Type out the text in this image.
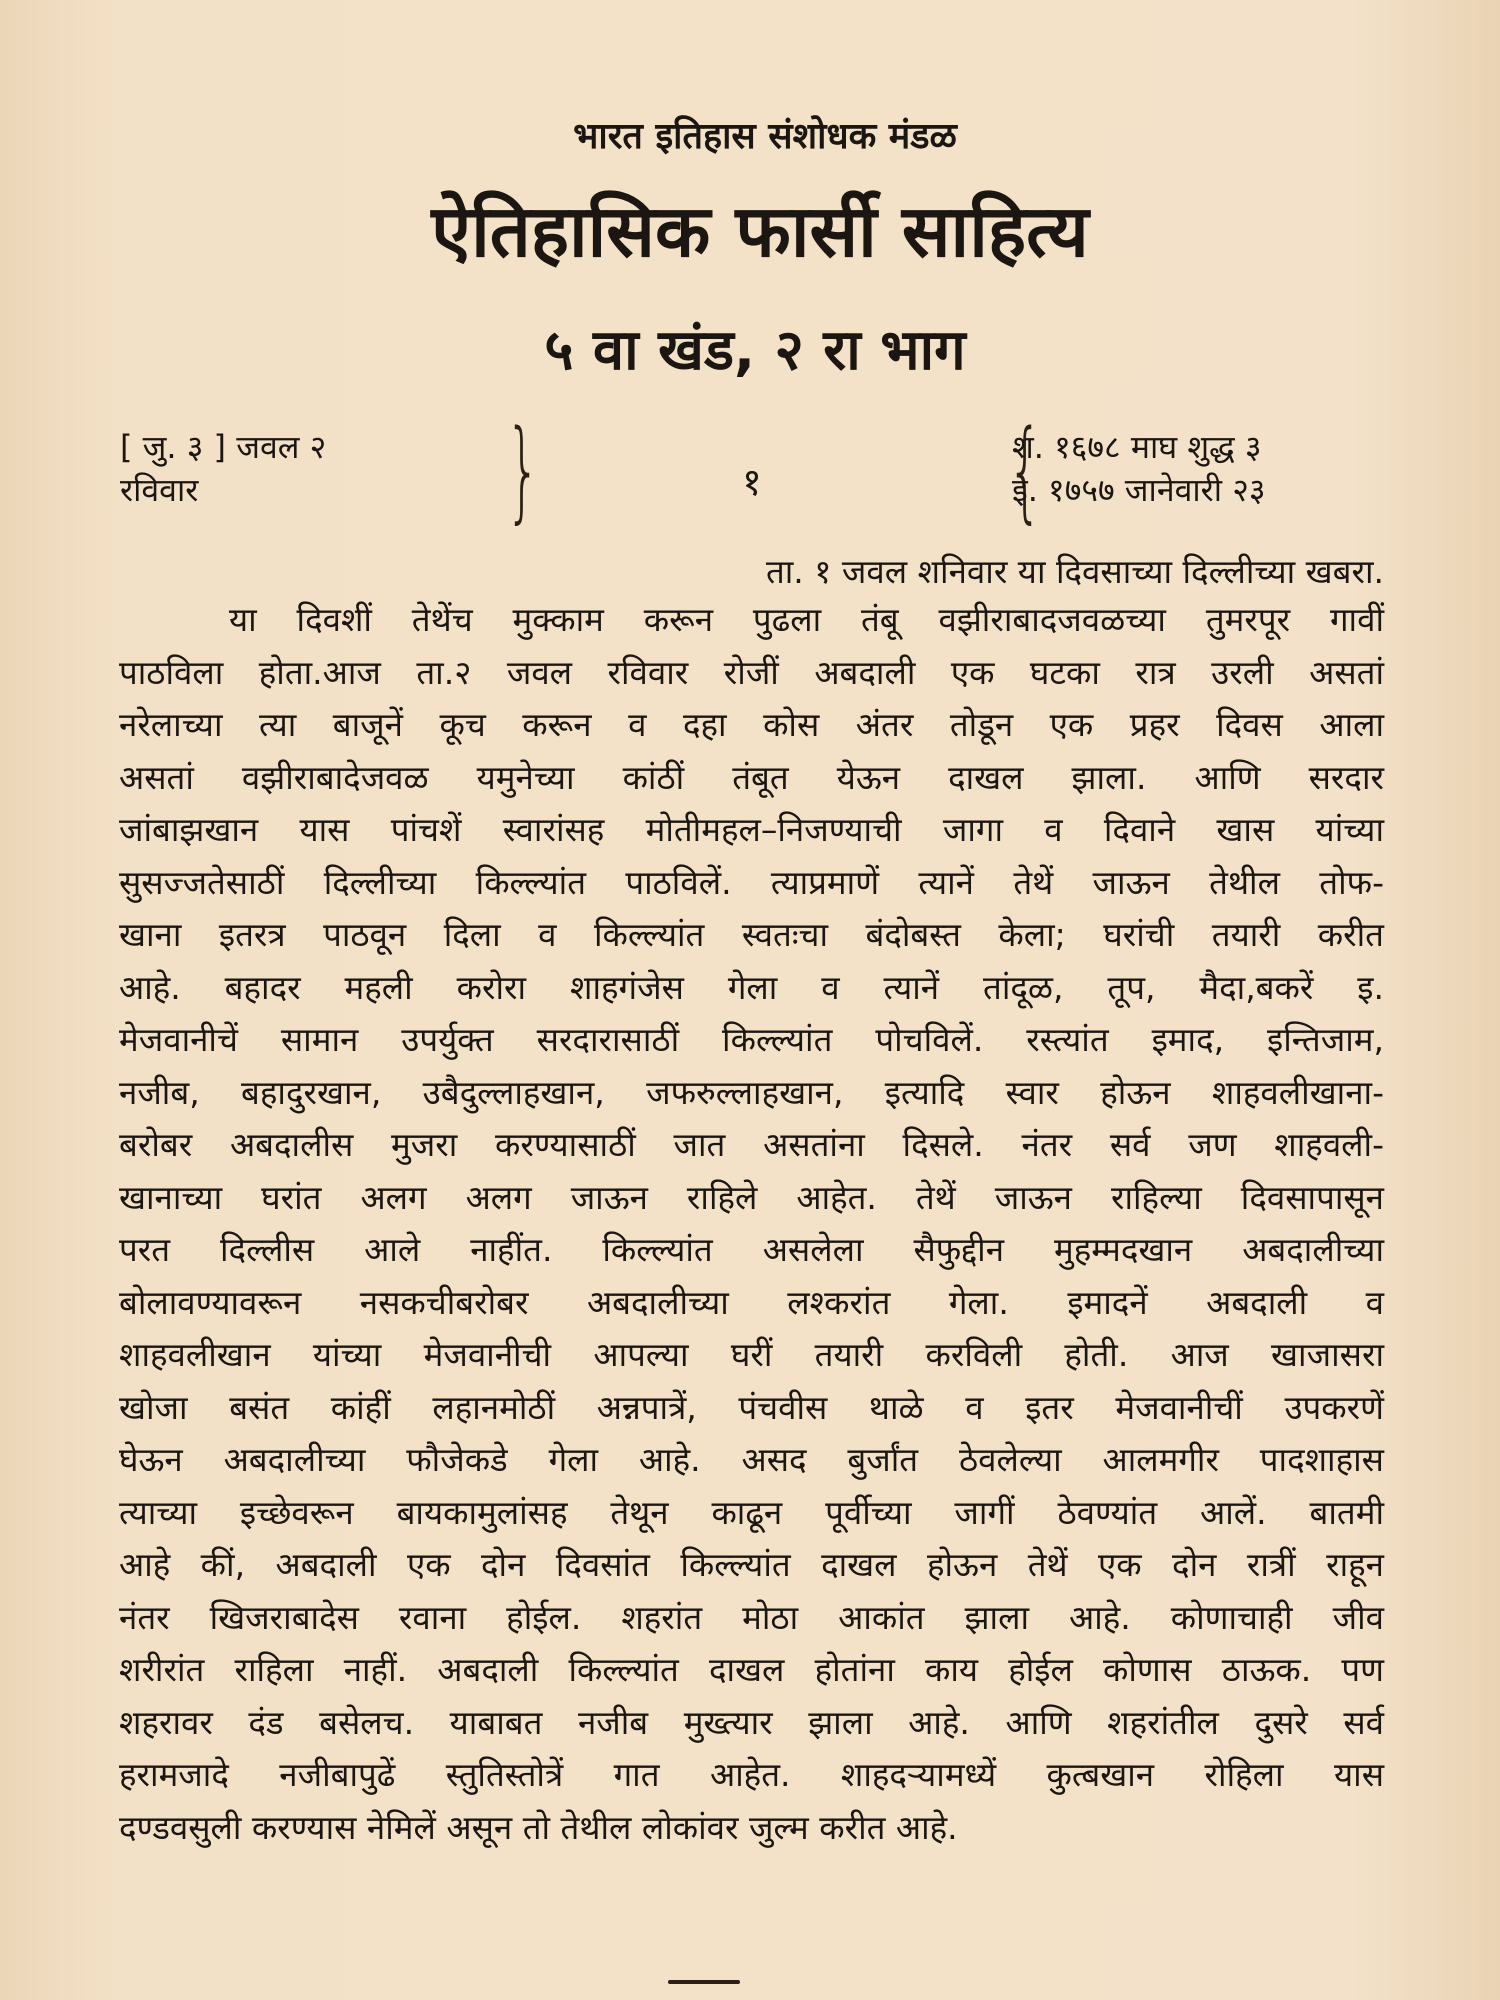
भारत इतिहास संशोधक मंडळ
ऐतिहासिक फार्सी साहित्य
५ वा खंड, २ रा भाग
[ जु. ३ ] जवल २
रविवार	}	१ {
श. १६७८ माघ शुद्ध ३
इ. १७५७ जानेवारी २३
ता. १ जवल शनिवार या दिवसाच्या दिल्लीच्या खबरा.
या दिवशीं तेथेंच मुक्काम करून पुढला तंबू वझीराबादजवळच्या तुमरपूर गावीं
पाठविला होता.आज ता.२ जवल रविवार रोजीं अबदाली एक घटका रात्र उरली असतां
नरेलाच्या त्या बाजूनें कूच करून व दहा कोस अंतर तोडून एक प्रहर दिवस आला
असतां वझीराबादेजवळ यमुनेच्या कांठीं तंबूत येऊन दाखल झाला. आणि सरदार
जांबाझखान यास पांचशें स्वारांसह मोतीमहल–निजण्याची जागा व दिवाने खास यांच्या
सुसज्जतेसाठीं दिल्लीच्या किल्ल्यांत पाठविलें. त्याप्रमाणें त्यानें तेथें जाऊन तेथील तोफ-
खाना इतरत्र पाठवून दिला व किल्ल्यांत स्वतःचा बंदोबस्त केला; घरांची तयारी करीत
आहे. बहादर महली करोरा शाहगंजेस गेला व त्यानें तांदूळ, तूप, मैदा,बकरें इ.
मेजवानीचें सामान उपर्युक्त सरदारासाठीं किल्ल्यांत पोचविलें. रस्त्यांत इमाद, इन्तिजाम,
नजीब, बहादुरखान, उबैदुल्लाहखान, जफरुल्लाहखान, इत्यादि स्वार होऊन शाहवलीखाना-
बरोबर अबदालीस मुजरा करण्यासाठीं जात असतांना दिसले. नंतर सर्व जण शाहवली-
खानाच्या घरांत अलग अलग जाऊन राहिले आहेत. तेथें जाऊन राहिल्या दिवसापासून
परत दिल्लीस आले नाहींत. किल्ल्यांत असलेला सैफुद्दीन मुहम्मदखान अबदालीच्या
बोलावण्यावरून नसकचीबरोबर अबदालीच्या लश्करांत गेला. इमादनें अबदाली व
शाहवलीखान यांच्या मेजवानीची आपल्या घरीं तयारी करविली होती. आज खाजासरा
खोजा बसंत कांहीं लहानमोठीं अन्नपात्रें, पंचवीस थाळे व इतर मेजवानीचीं उपकरणें
घेऊन अबदालीच्या फौजेकडे गेला आहे. असद बुर्जांत ठेवलेल्या आलमगीर पादशाहास
त्याच्या इच्छेवरून बायकामुलांसह तेथून काढून पूर्वीच्या जागीं ठेवण्यांत आलें. बातमी
आहे कीं, अबदाली एक दोन दिवसांत किल्ल्यांत दाखल होऊन तेथें एक दोन रात्रीं राहून
नंतर खिजराबादेस रवाना होईल. शहरांत मोठा आकांत झाला आहे. कोणाचाही जीव
शरीरांत राहिला नाहीं. अबदाली किल्ल्यांत दाखल होतांना काय होईल कोणास ठाऊक. पण
शहरावर दंड बसेलच. याबाबत नजीब मुख्त्यार झाला आहे. आणि शहरांतील दुसरे सर्व
हरामजादे नजीबापुढें स्तुतिस्तोत्रें गात आहेत. शाहदऱ्यामध्यें कुत्बखान रोहिला यास
दण्डवसुली करण्यास नेमिलें असून तो तेथील लोकांवर जुल्म करीत आहे.
